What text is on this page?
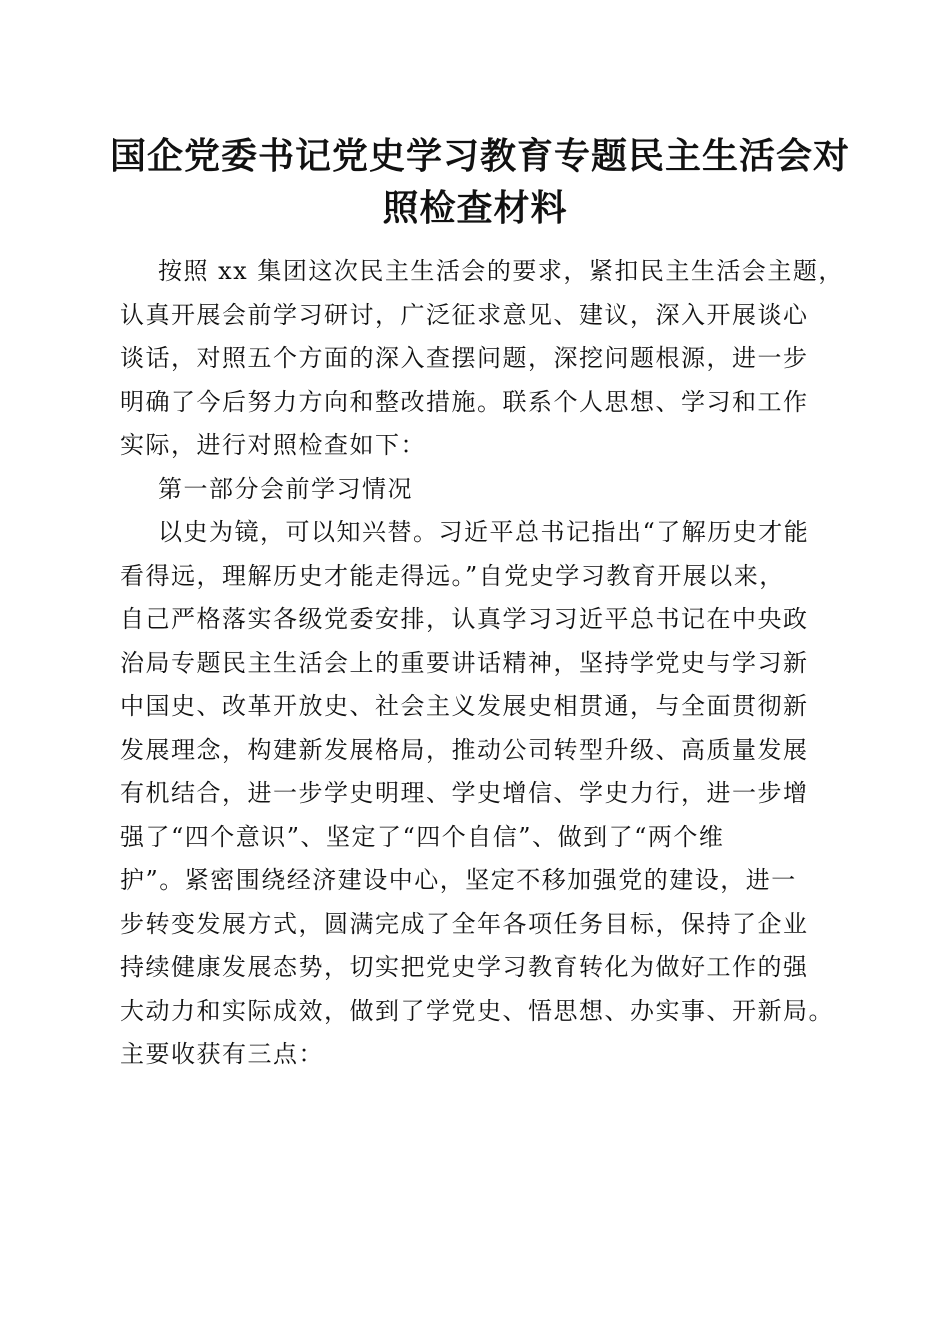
国企党委书记党史学习教育专题民主生活会对
照检查材料
按照 xx 集团这次民主生活会的要求，紧扣民主生活会主题，
认真开展会前学习研讨，广泛征求意见、建议，深入开展谈心
谈话，对照五个方面的深入查摆问题，深挖问题根源，进一步
明确了今后努力方向和整改措施。联系个人思想、学习和工作
实际，进行对照检查如下：
第一部分会前学习情况
以史为镜，可以知兴替。习近平总书记指出“了解历史才能
看得远，理解历史才能走得远。”自党史学习教育开展以来，
自己严格落实各级党委安排，认真学习习近平总书记在中央政
治局专题民主生活会上的重要讲话精神，坚持学党史与学习新
中国史、改革开放史、社会主义发展史相贯通，与全面贯彻新
发展理念，构建新发展格局，推动公司转型升级、高质量发展
有机结合，进一步学史明理、学史增信、学史力行，进一步增
强了“四个意识”、坚定了“四个自信”、做到了“两个维
护”。紧密围绕经济建设中心，坚定不移加强党的建设，进一
步转变发展方式，圆满完成了全年各项任务目标，保持了企业
持续健康发展态势，切实把党史学习教育转化为做好工作的强
大动力和实际成效，做到了学党史、悟思想、办实事、开新局。
主要收获有三点：
